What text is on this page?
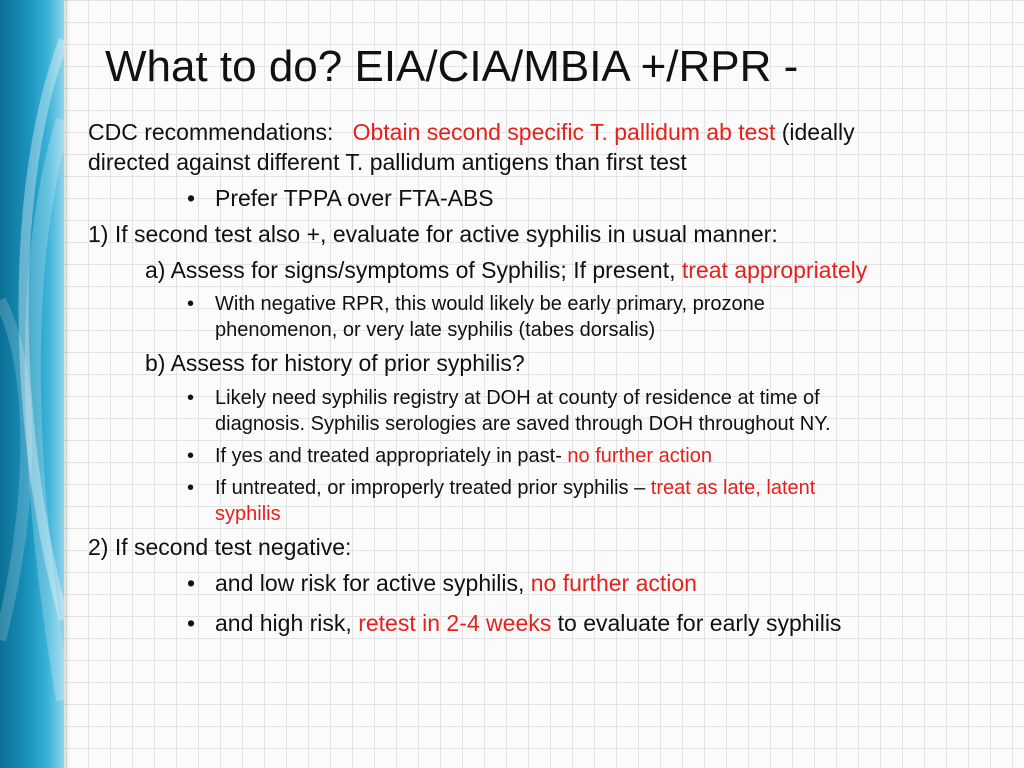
What to do? EIA/CIA/MBIA +/RPR -

CDC recommendations: Obtain second specific T. pallidum ab test (ideally

directed against different T. pallidum antigens than first test

• Prefer TPPA over FTA-ABS

1) If second test also +, evaluate for active syphilis in usual manner:

a) Assess for signs/symptoms of Syphilis; If present, treat appropriately

• With negative RPR, this would likely be early primary, prozone
phenomenon, or very late syphilis (tabes dorsalis)

b) Assess for history of prior syphilis?

• Likely need syphilis registry at DOH at county of residence at time of
diagnosis. Syphilis serologies are saved through DOH throughout NY.

• If yes and treated appropriately in past- no further action

• If untreated, or improperly treated prior syphilis – treat as late, latent
syphilis

2) If second test negative:

• and low risk for active syphilis, no further action

• and high risk, retest in 2-4 weeks to evaluate for early syphilis
